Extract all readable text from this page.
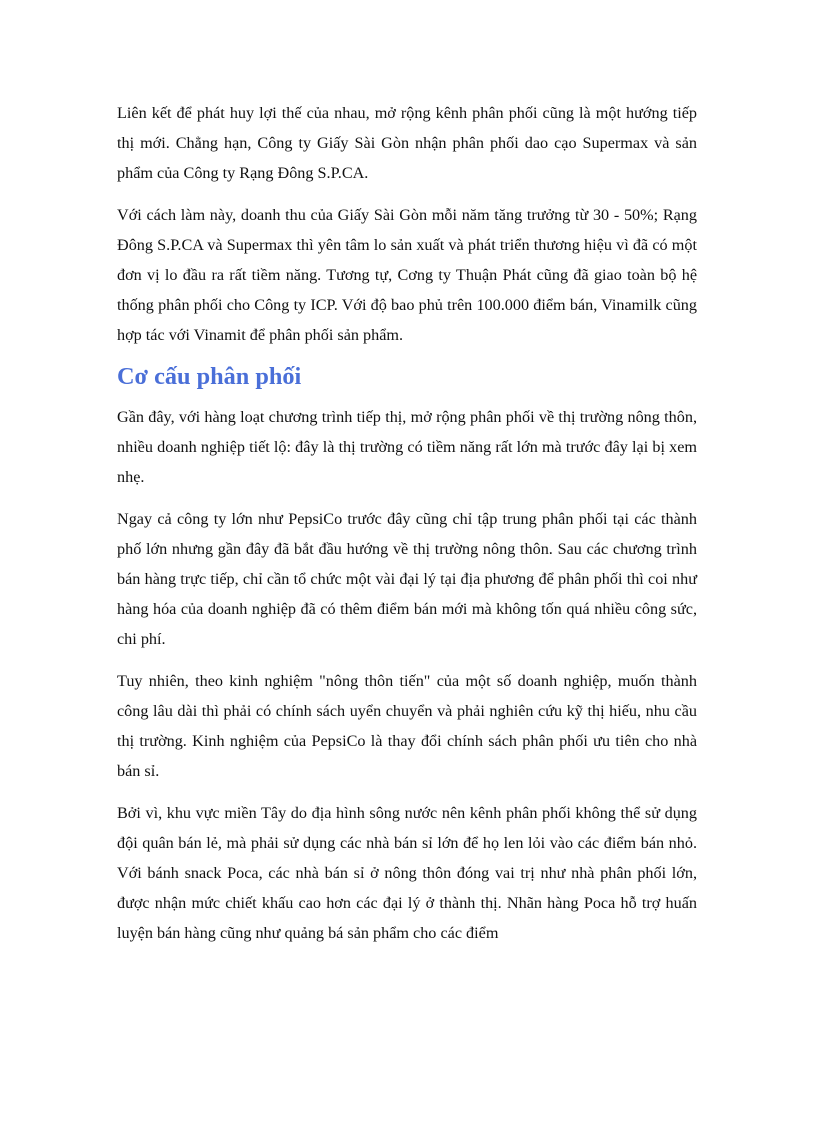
Liên kết để phát huy lợi thế của nhau, mở rộng kênh phân phối cũng là một hướng tiếp thị mới. Chẳng hạn, Công ty Giấy Sài Gòn nhận phân phối dao cạo Supermax và sản phẩm của Công ty Rạng Đông S.P.CA.

Với cách làm này, doanh thu của Giấy Sài Gòn mỗi năm tăng trưởng từ 30 - 50%; Rạng Đông S.P.CA và Supermax thì yên tâm lo sản xuất và phát triển thương hiệu vì đã có một đơn vị lo đầu ra rất tiềm năng. Tương tự, Cơng ty Thuận Phát cũng đã giao toàn bộ hệ thống phân phối cho Công ty ICP. Với độ bao phủ trên 100.000 điểm bán, Vinamilk cũng hợp tác với Vinamit để phân phối sản phẩm.

Cơ cấu phân phối

Gần đây, với hàng loạt chương trình tiếp thị, mở rộng phân phối về thị trường nông thôn, nhiều doanh nghiệp tiết lộ: đây là thị trường có tiềm năng rất lớn mà trước đây lại bị xem nhẹ.

Ngay cả công ty lớn như PepsiCo trước đây cũng chỉ tập trung phân phối tại các thành phố lớn nhưng gần đây đã bắt đầu hướng về thị trường nông thôn. Sau các chương trình bán hàng trực tiếp, chỉ cần tổ chức một vài đại lý tại địa phương để phân phối thì coi như hàng hóa của doanh nghiệp đã có thêm điểm bán mới mà không tốn quá nhiều công sức, chi phí.

Tuy nhiên, theo kinh nghiệm "nông thôn tiến" của một số doanh nghiệp, muốn thành công lâu dài thì phải có chính sách uyển chuyển và phải nghiên cứu kỹ thị hiếu, nhu cầu thị trường. Kinh nghiệm của PepsiCo là thay đổi chính sách phân phối ưu tiên cho nhà bán sỉ.

Bởi vì, khu vực miền Tây do địa hình sông nước nên kênh phân phối không thể sử dụng đội quân bán lẻ, mà phải sử dụng các nhà bán sỉ lớn để họ len lỏi vào các điểm bán nhỏ. Với bánh snack Poca, các nhà bán sỉ ở nông thôn đóng vai trị như nhà phân phối lớn, được nhận mức chiết khấu cao hơn các đại lý ở thành thị. Nhãn hàng Poca hỗ trợ huấn luyện bán hàng cũng như quảng bá sản phẩm cho các điểm
